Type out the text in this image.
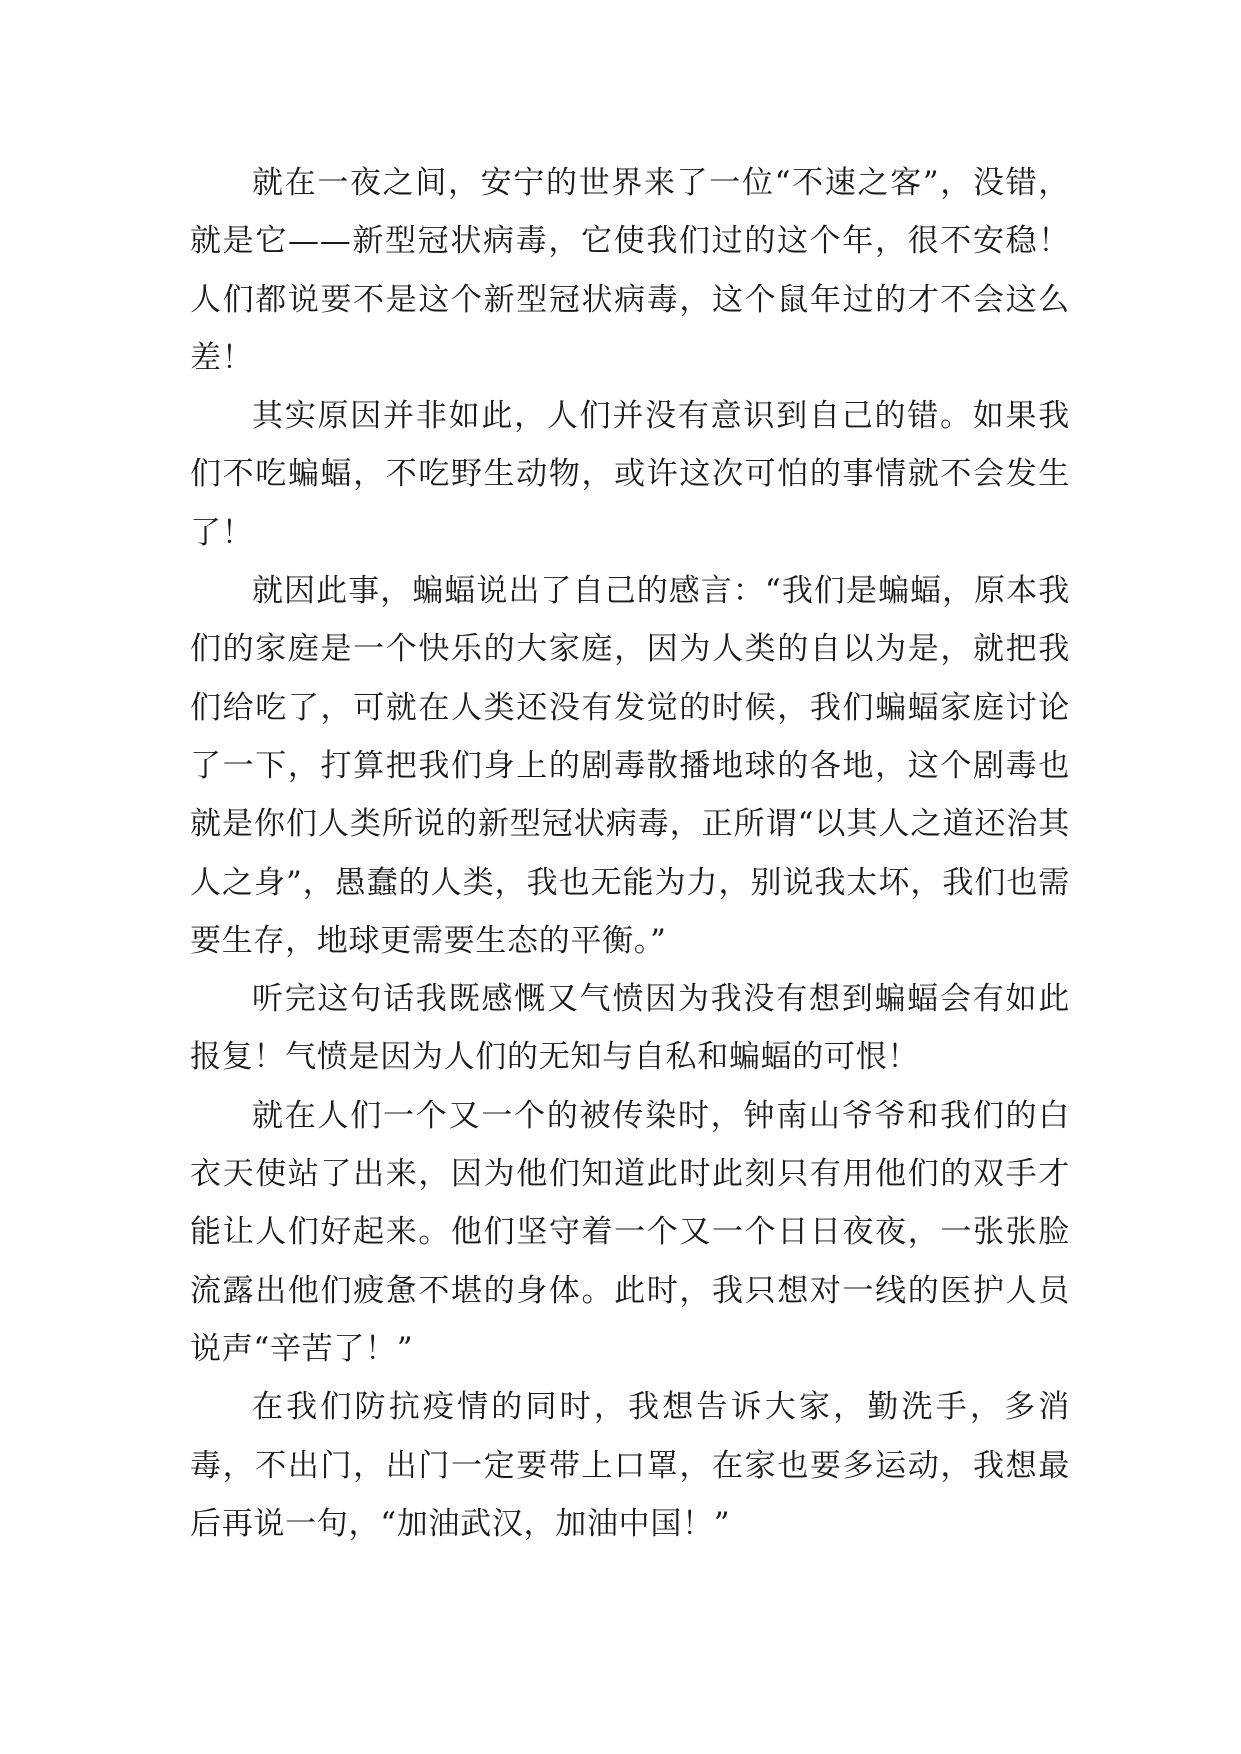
就在一夜之间，安宁的世界来了一位“不速之客”，没错，就是它——新型冠状病毒，它使我们过的这个年，很不安稳！人们都说要不是这个新型冠状病毒，这个鼠年过的才不会这么差！

其实原因并非如此，人们并没有意识到自己的错。如果我们不吃蝙蝠，不吃野生动物，或许这次可怕的事情就不会发生了！

就因此事，蝙蝠说出了自己的感言：“我们是蝙蝠，原本我们的家庭是一个快乐的大家庭，因为人类的自以为是，就把我们给吃了，可就在人类还没有发觉的时候，我们蝙蝠家庭讨论了一下，打算把我们身上的剧毒散播地球的各地，这个剧毒也就是你们人类所说的新型冠状病毒，正所谓“以其人之道还治其人之身”，愚蠢的人类，我也无能为力，别说我太坏，我们也需要生存，地球更需要生态的平衡。”

听完这句话我既感慨又气愤因为我没有想到蝙蝠会有如此报复！气愤是因为人们的无知与自私和蝙蝠的可恨！

就在人们一个又一个的被传染时，钟南山爷爷和我们的白衣天使站了出来，因为他们知道此时此刻只有用他们的双手才能让人们好起来。他们坚守着一个又一个日日夜夜，一张张脸流露出他们疲惫不堪的身体。此时，我只想对一线的医护人员说声“辛苦了！”

在我们防抗疫情的同时，我想告诉大家，勤洗手，多消毒，不出门，出门一定要带上口罩，在家也要多运动，我想最后再说一句，“加油武汉，加油中国！”
